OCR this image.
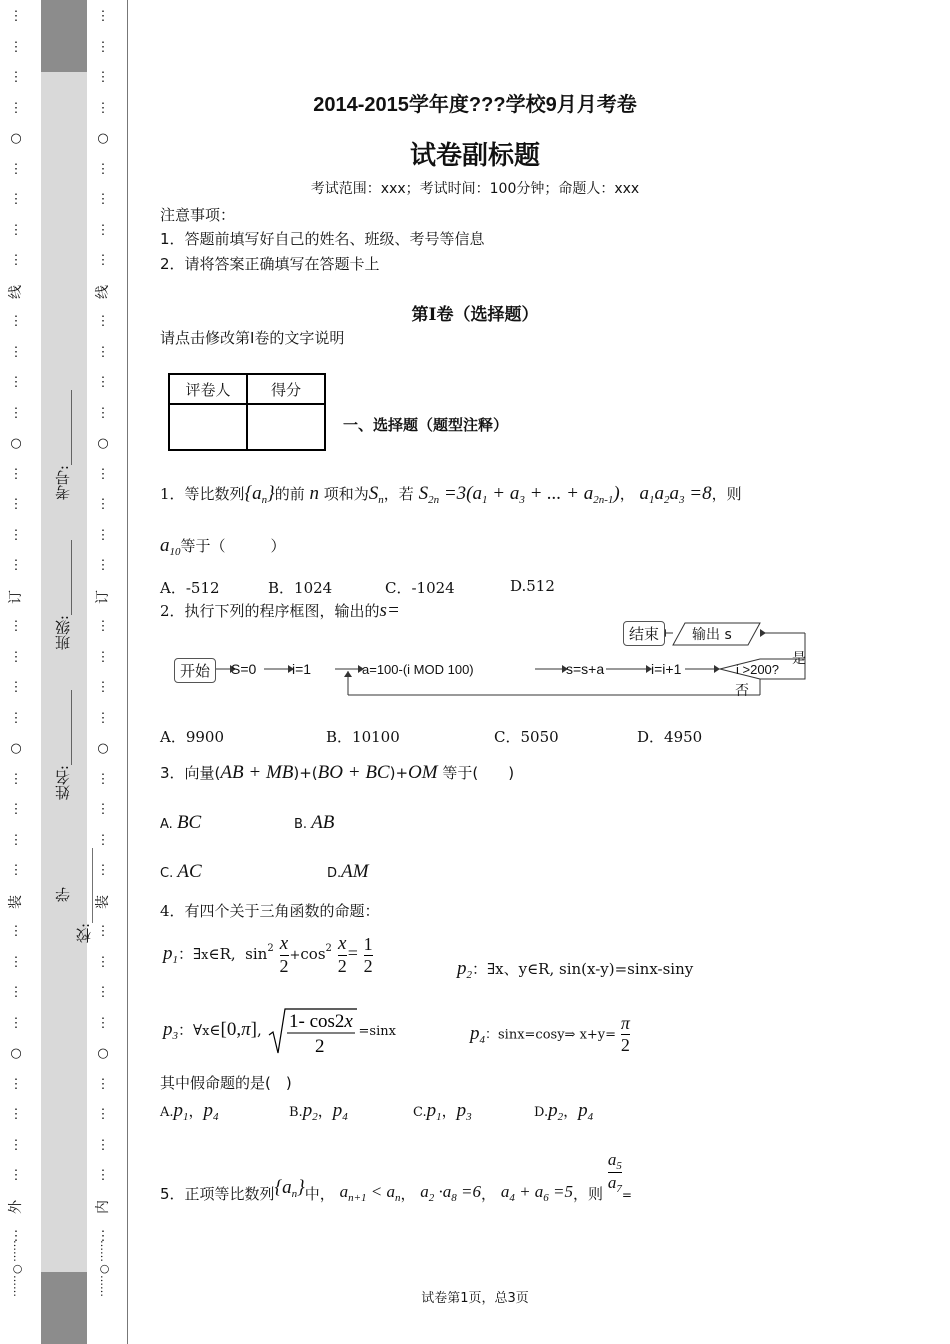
⋮
⋮
⋮
⋮
○
⋮
⋮
⋮
⋮
线
⋮
⋮
⋮
⋮
○
⋮
⋮
⋮
⋮
订
⋮
⋮
⋮
⋮
○
⋮
⋮
⋮
⋮
装
⋮
⋮
⋮
⋮
○
⋮
⋮
⋮
⋮
外
⋮
……○……
⋮
⋮
⋮
⋮
○
⋮
⋮
⋮
⋮
线
⋮
⋮
⋮
⋮
○
⋮
⋮
⋮
⋮
订
⋮
⋮
⋮
⋮
○
⋮
⋮
⋮
⋮
装
⋮
⋮
⋮
⋮
○
⋮
⋮
⋮
⋮
内
⋮
……○……
学校:__________
姓名:__________
班级:__________
考号:__________
2014-2015学年度???学校9月月考卷
试卷副标题
考试范围：xxx；考试时间：100分钟；命题人：xxx
注意事项：
1．答题前填写好自己的姓名、班级、考号等信息
2．请将答案正确填写在答题卡上
第I卷（选择题）
请点击修改第I卷的文字说明
评卷人	得分

一、选择题（题型注释）
1．等比数列$\{a_n\}$的前 n 项和为$S_n$，若 $S_{2n} =3(a_1 + a_3$ + ... + $a_{2n-1}$)， $a_1a_2a_3 =8$，则
$a_{10}$等于（　　　）
A．-512	B．1024	C．-1024	D.512
2．执行下列的程序框图，输出的s=
开始	S=0	i=1	a=100-(i MOD 100)	s=s+a	i=i+1	i >200?
是
否
输出 s
结束
A．9900	B．10100	C．5050	D．4950
3．向量(AB + MB)+(BO + BC)+OM 等于(　　)
A. BC	B. AB
C. AC	D.AM
4．有四个关于三角函数的命题：
$p_1$：∃x∈R,  $\sin^2 \frac{x}{2} +\cos^2 \frac{x}{2} = \frac{1}{2}$	$p_2$：∃x、y∈R, sin(x-y)=sinx-siny
$p_3$：∀x∈[0,π], 1- cos2x
2
=sinx	$p_4$：sinx=cosy⇒ $x+y= \frac{\pi}{2}$
其中假命题的是(　)
$A.p_1$，$p_4$	$B.p_2$，$p_4$	$C.p_1$，$p_3$	$D.p_2$，$p_4$
5．正项等比数列$\{a_n\}$中， $a_{n+1} < a_n$， $a_2 \cdot a_8 =6$， $a_4 + a_6 =5$，则 $\frac{a_5}{a_7} _=$
试卷第1页，总3页
